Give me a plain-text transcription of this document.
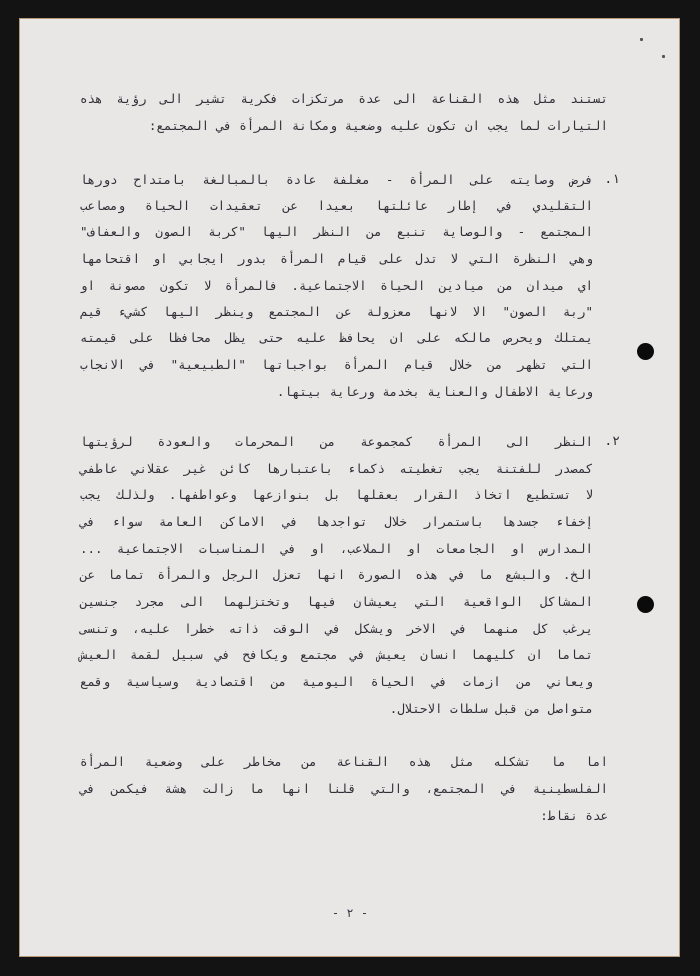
تستند مثل هذه القناعة الى عدة مرتكزات فكرية تشير الى رؤية هذه
التيارات لما يجب ان تكون عليه وضعية ومكانة المرأة في المجتمع:
١.
فرض وصايته على المرأة - مغلفة عادة بالمبالغة بامتداح دورها
التقليدي في إطار عائلتها بعيدا عن تعقيدات الحياة ومصاعب
المجتمع - والوصاية تنبع من النظر اليها "كربة الصون والعفاف"
وهي النظرة التي لا تدل على قيام المرأة بدور ايجابي او اقتحامها
اي ميدان من ميادين الحياة الاجتماعية. فالمرأة لا تكون مصونة او
"ربة الصون" الا لانها معزولة عن المجتمع وينظر اليها كشيء قيم
يمتلك ويحرص مالكه على ان يحافظ عليه حتى يظل محافظا على قيمته
التي تظهر من خلال قيام المرأة بواجباتها "الطبيعية" في الانجاب
ورعاية الاطفال والعناية بخدمة ورعاية بيتها.
٢.
النظر الى المرأة كمجموعة من المحرمات والعودة لرؤيتها
كمصدر للفتنة يجب تغطيته ذكماء باعتبارها كائن غير عقلاني عاطفي
لا تستطيع اتخاذ القرار بعقلها بل بنوازعها وعواطفها. ولذلك يجب
إخفاء جسدها باستمرار خلال تواجدها في الاماكن العامة سواء في
المدارس او الجامعات او الملاعب، او في المناسبات الاجتماعية ...
الخ. والبشع ما في هذه الصورة انها تعزل الرجل والمرأة تماما عن
المشاكل الواقعية التي يعيشان فيها وتختزلهما الى مجرد جنسين
يرغب كل منهما في الاخر ويشكل في الوقت ذاته خطرا عليه، وتنسى
تماما ان كليهما انسان يعيش في مجتمع ويكافح في سبيل لقمة العيش
ويعاني من ازمات في الحياة اليومية من اقتصادية وسياسية وقمع
متواصل من قبل سلطات الاحتلال.
اما ما تشكله مثل هذه القناعة من مخاطر على وضعية المرأة
الفلسطينية في المجتمع، والتي قلنا انها ما زالت هشة فيكمن في
عدة نقاط:
- ٢ -
